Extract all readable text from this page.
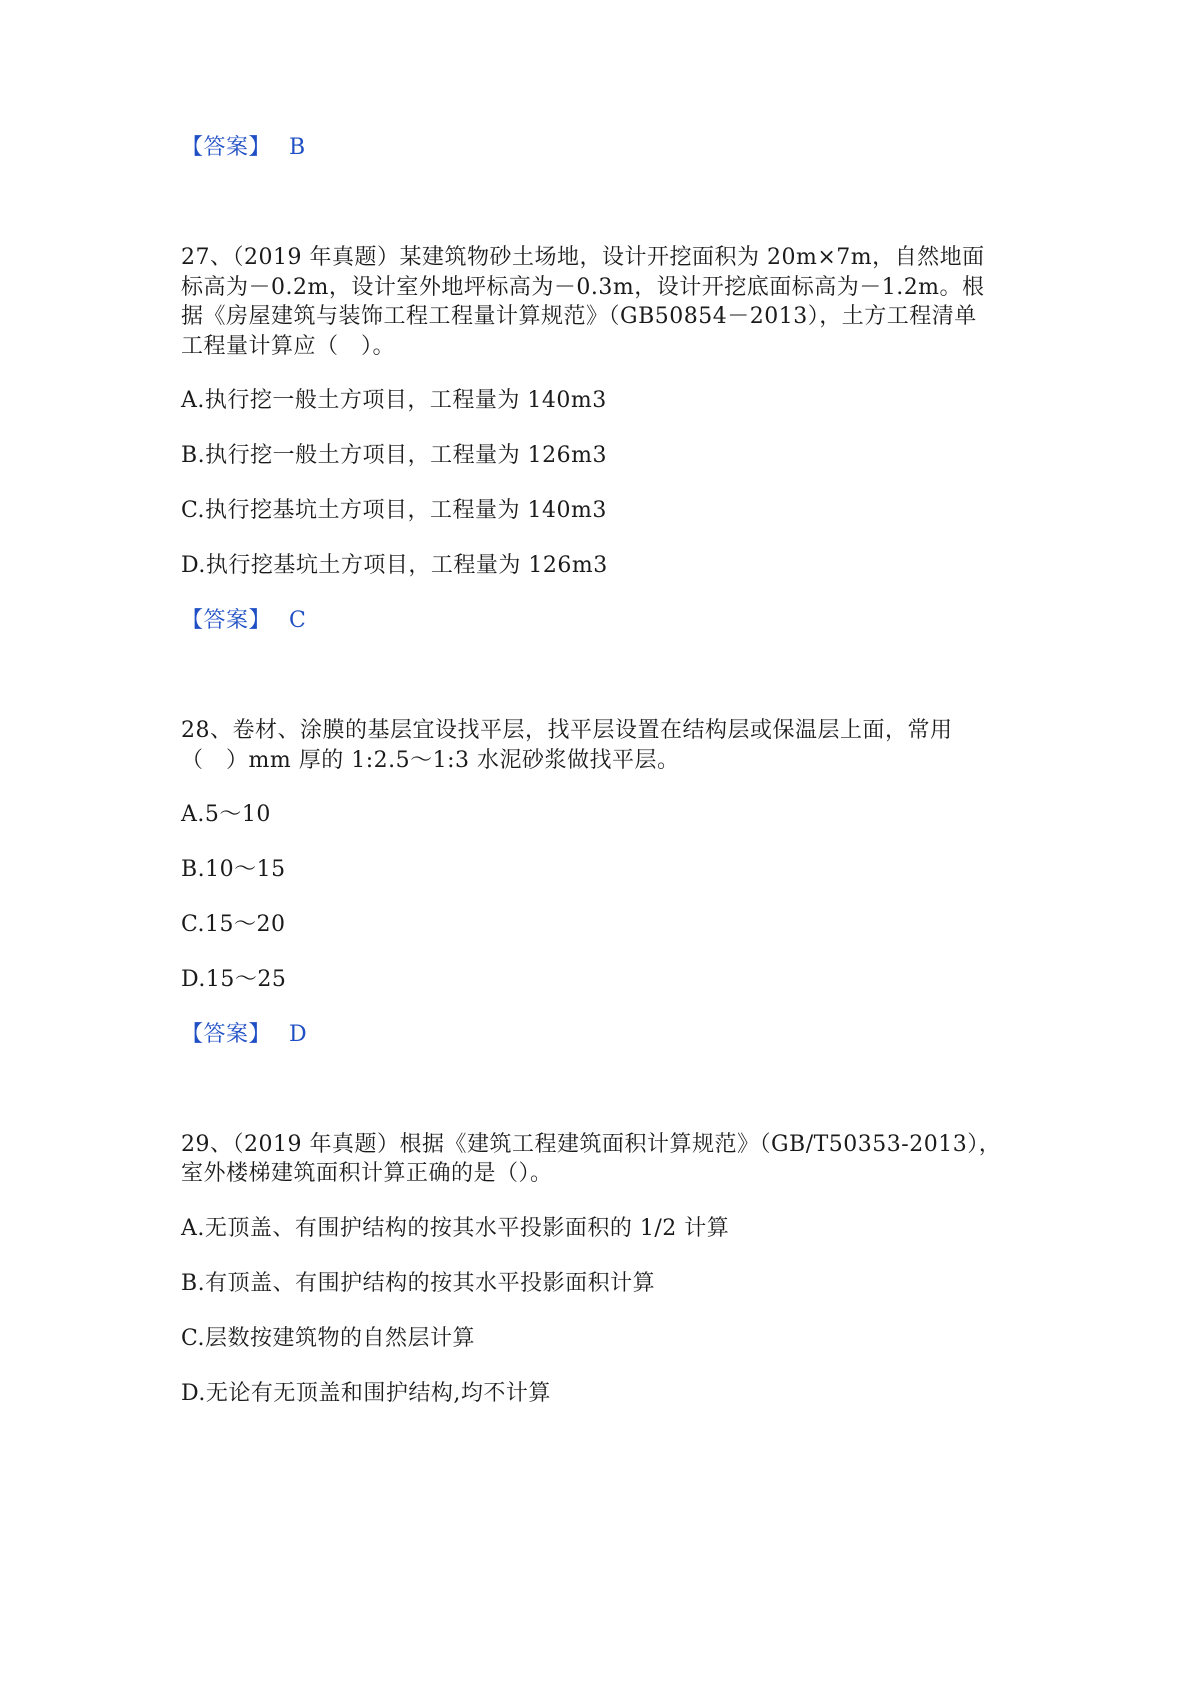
【答案】 B
27、（2019 年真题）某建筑物砂土场地，设计开挖面积为 20m×7m，自然地面
标高为－0.2m，设计室外地坪标高为－0.3m，设计开挖底面标高为－1.2m。根
据《房屋建筑与装饰工程工程量计算规范》（GB50854－2013），土方工程清单
工程量计算应（　）。
A.执行挖一般土方项目，工程量为 140m3
B.执行挖一般土方项目，工程量为 126m3
C.执行挖基坑土方项目，工程量为 140m3
D.执行挖基坑土方项目，工程量为 126m3
【答案】 C
28、卷材、涂膜的基层宜设找平层，找平层设置在结构层或保温层上面，常用
（　）mm 厚的 1:2.5～1:3 水泥砂浆做找平层。
A.5～10
B.10～15
C.15～20
D.15～25
【答案】 D
29、（2019 年真题）根据《建筑工程建筑面积计算规范》（GB/T50353-2013），
室外楼梯建筑面积计算正确的是（）。
A.无顶盖、有围护结构的按其水平投影面积的 1/2 计算
B.有顶盖、有围护结构的按其水平投影面积计算
C.层数按建筑物的自然层计算
D.无论有无顶盖和围护结构,均不计算
